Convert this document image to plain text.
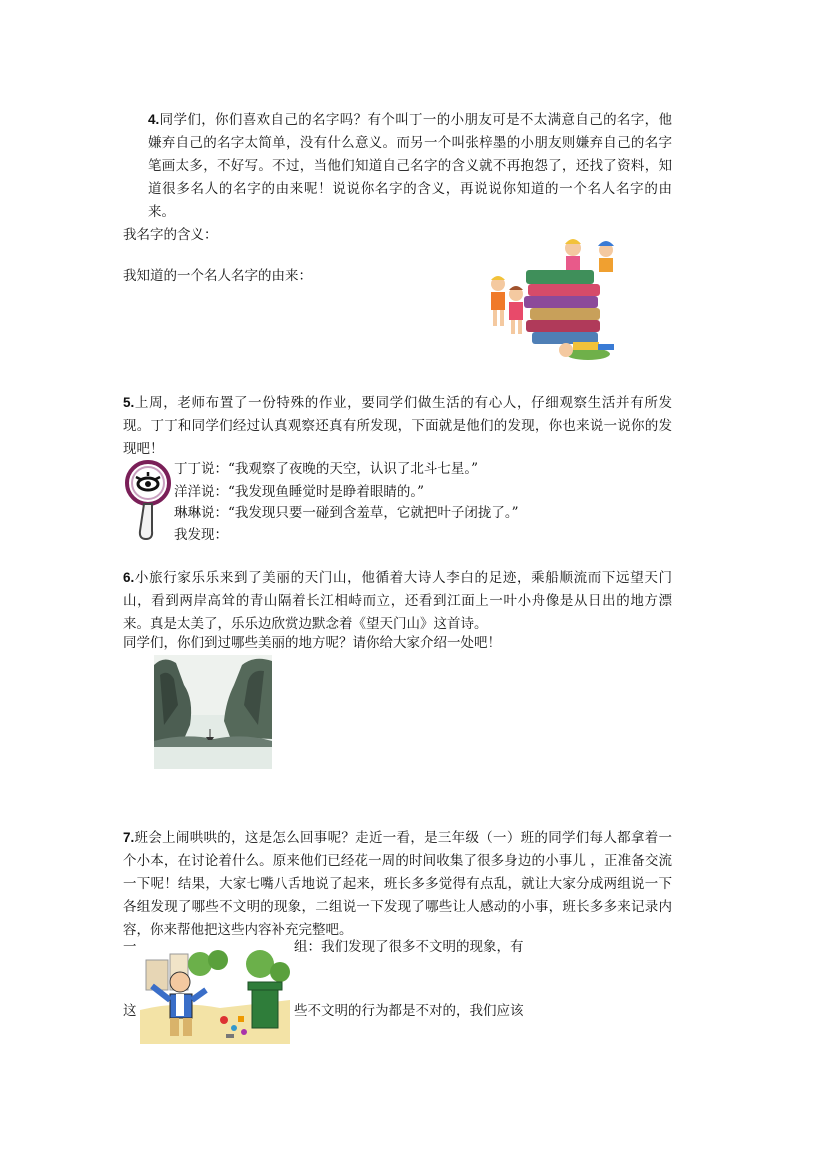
4.同学们，你们喜欢自己的名字吗？有个叫丁一的小朋友可是不太满意自己的名字，他嫌弃自己的名字太简单，没有什么意义。而另一个叫张梓墨的小朋友则嫌弃自己的名字笔画太多，不好写。不过，当他们知道自己名字的含义就不再抱怨了，还找了资料，知道很多名人的名字的由来呢！说说你名字的含义，再说说你知道的一个名人名字的由来。
我名字的含义：
我知道的一个名人名字的由来：
5.上周，老师布置了一份特殊的作业，要同学们做生活的有心人，仔细观察生活并有所发现。丁丁和同学们经过认真观察还真有所发现，下面就是他们的发现，你也来说一说你的发现吧！
丁丁说：“我观察了夜晚的天空，认识了北斗七星。”
洋洋说：“我发现鱼睡觉时是睁着眼睛的。”
琳琳说：“我发现只要一碰到含羞草，它就把叶子闭拢了。”
我发现：
6.小旅行家乐乐来到了美丽的天门山，他循着大诗人李白的足迹，乘船顺流而下远望天门山，看到两岸高耸的青山隔着长江相峙而立，还看到江面上一叶小舟像是从日出的地方漂来。真是太美了，乐乐边欣赏边默念着《望天门山》这首诗。
同学们，你们到过哪些美丽的地方呢？请你给大家介绍一处吧！
7.班会上闹哄哄的，这是怎么回事呢？走近一看，是三年级（一）班的同学们每人都拿着一个小本，在讨论着什么。原来他们已经花一周的时间收集了很多身边的小事儿 ，正准备交流一下呢！结果，大家七嘴八舌地说了起来，班长多多觉得有点乱，就让大家分成两组说一下各组发现了哪些不文明的现象，二组说一下发现了哪些让人感动的小事，班长多多来记录内容，你来帮他把这些内容补充完整吧。
一	组：我们发现了很多不文明的现象，有
这	些不文明的行为都是不对的，我们应该
